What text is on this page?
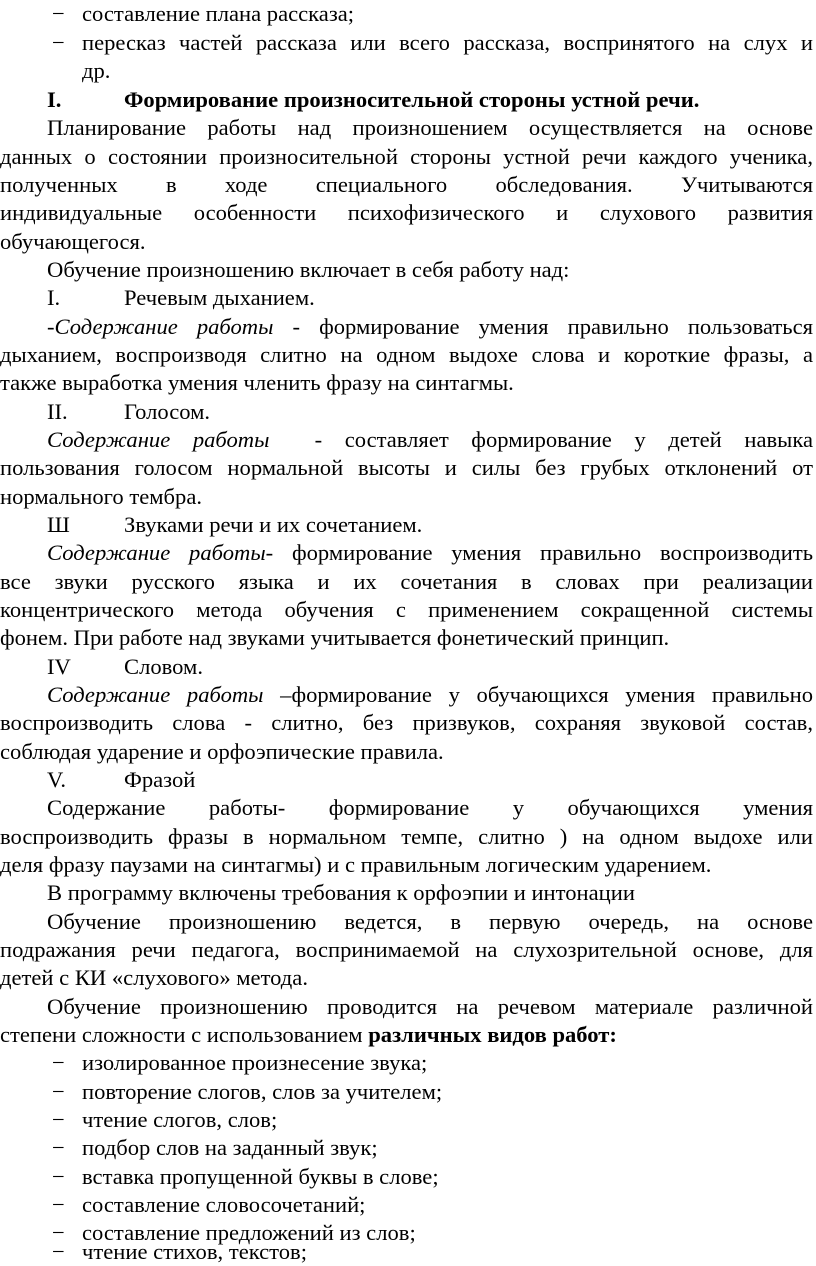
− составление плана рассказа;
− пересказ частей рассказа или всего рассказа, воспринятого на слух и
др.
I.	Формирование произносительной стороны устной речи.
Планирование работы над произношением осуществляется на основе
данных о состоянии произносительной стороны устной речи каждого ученика,
полученных в ходе специального обследования. Учитываются
индивидуальные особенности психофизического и слухового развития
обучающегося.
Обучение произношению включает в себя работу над:
I.	Речевым дыханием.
-Содержание работы - формирование умения правильно пользоваться
дыханием, воспроизводя слитно на одном выдохе слова и короткие фразы, а
также выработка умения членить фразу на синтагмы.
II. Голосом.
Содержание работы  - составляет формирование у детей навыка
пользования голосом нормальной высоты и силы без грубых отклонений от
нормального тембра.
Ш Звуками речи и их сочетанием.
Содержание работы- формирование умения правильно воспроизводить
все звуки русского языка и их сочетания в словах при реализации
концентрического метода обучения с применением сокращенной системы
фонем. При работе над звуками учитывается фонетический принцип.
IV Словом.
Содержание работы –формирование у обучающихся умения правильно
воспроизводить слова - слитно, без призвуков, сохраняя звуковой состав,
соблюдая ударение и орфоэпические правила.
V.	Фразой
Содержание работы- формирование у обучающихся умения
воспроизводить фразы в нормальном темпе, слитно ) на одном выдохе или
деля фразу паузами на синтагмы) и с правильным логическим ударением.
В программу включены требования к орфоэпии и интонации
Обучение произношению ведется, в первую очередь, на основе
подражания речи педагога, воспринимаемой на слухозрительной основе, для
детей с КИ «слухового» метода.
Обучение произношению проводится на речевом материале различной
степени сложности с использованием различных видов работ:
− изолированное произнесение звука;
− повторение слогов, слов за учителем;
− чтение слогов, слов;
− подбор слов на заданный звук;
− вставка пропущенной буквы в слове;
− составление словосочетаний;
− составление предложений из слов;
− чтение стихов, текстов;
